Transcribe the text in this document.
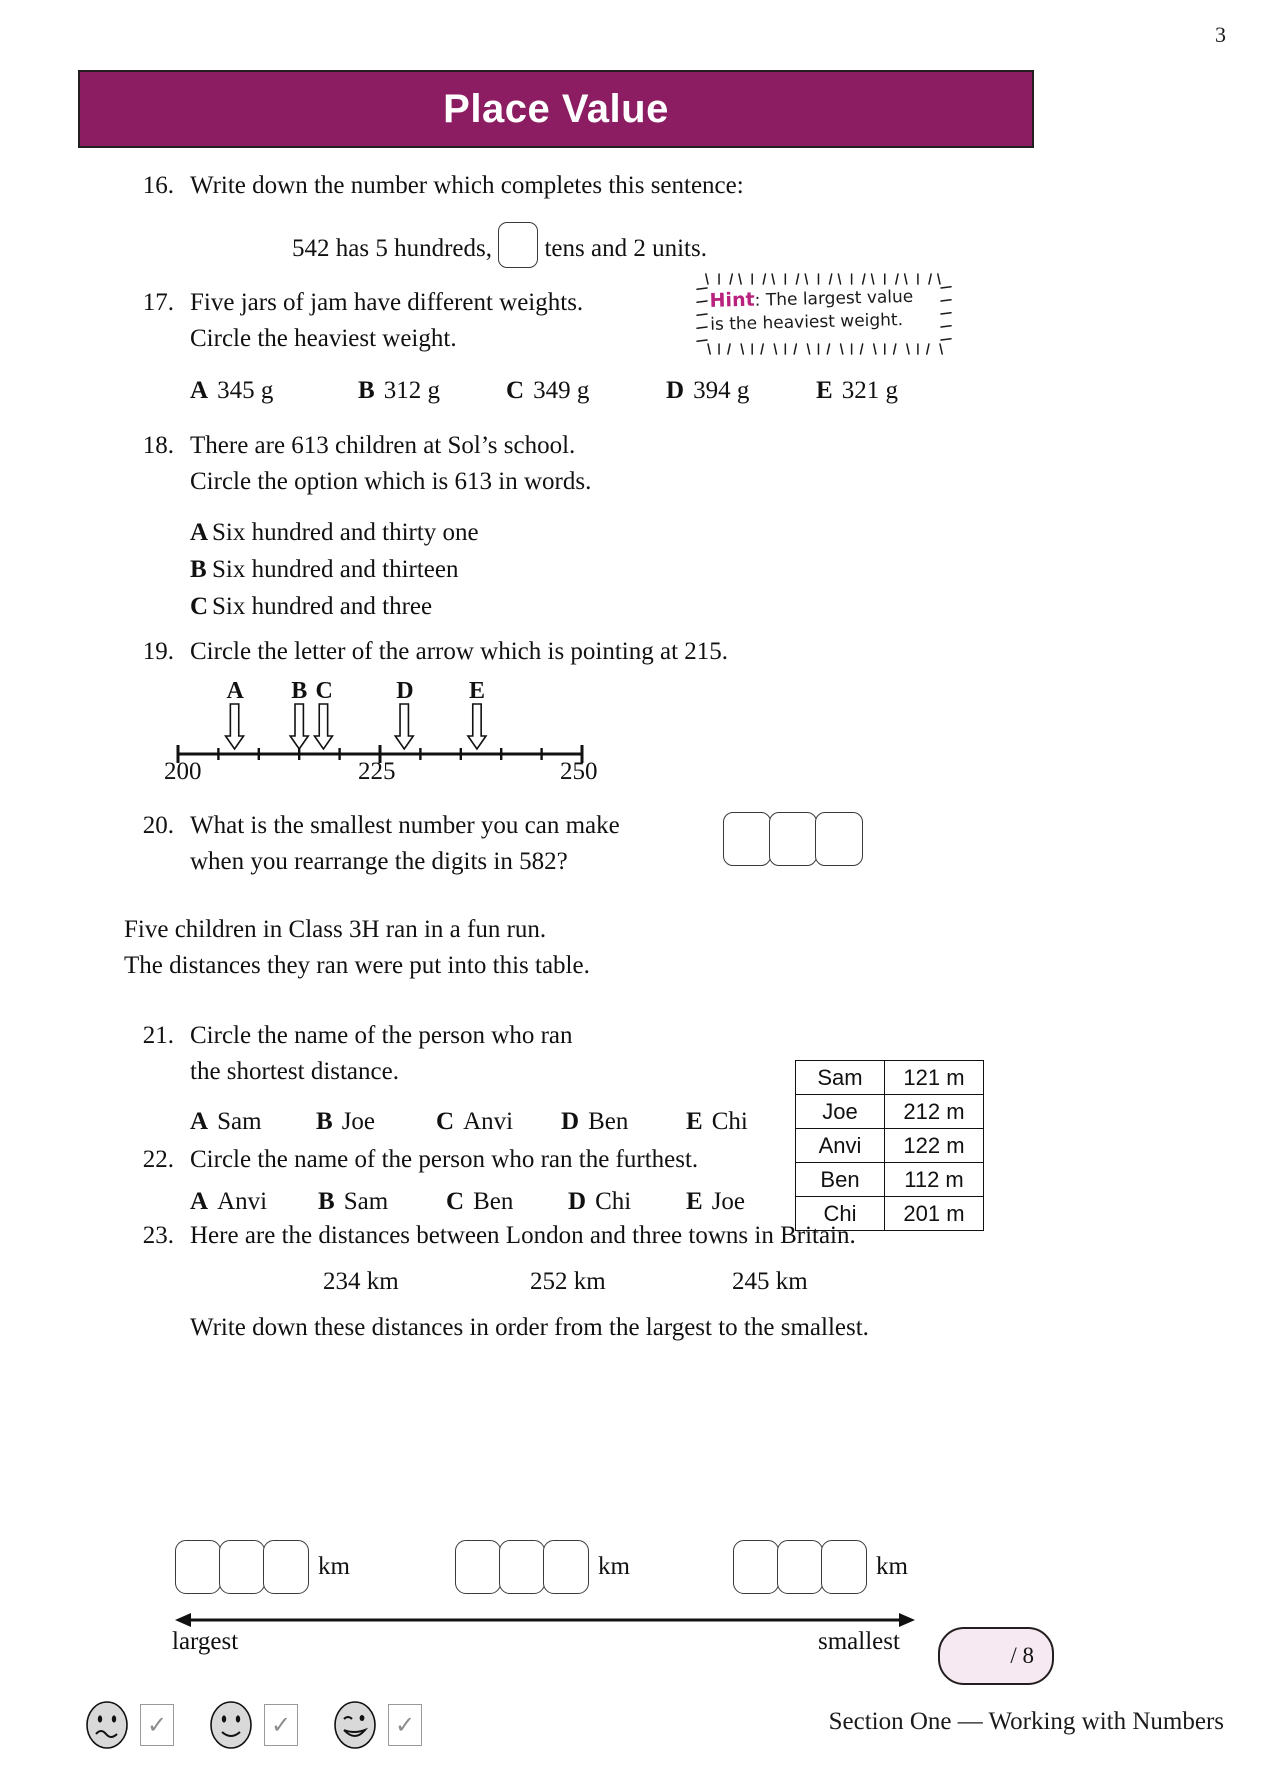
3
Place Value
16. Write down the number which completes this sentence:
542 has 5 hundreds, tens and 2 units.
Hint: The largest value
is the heaviest weight.
17. Five jars of jam have different weights.
Circle the heaviest weight.
A 345 g	B 312 g	C 349 g	D 394 g	E 321 g
18. There are 613 children at Sol’s school.
Circle the option which is 613 in words.
A Six hundred and thirty one
B Six hundred and thirteen
C Six hundred and three
19. Circle the letter of the arrow which is pointing at 215.
A B C	D E
200	225	250
20. What is the smallest number you can make
when you rearrange the digits in 582?
Five children in Class 3H ran in a fun run.
The distances they ran were put into this table.
Sam	121 m
Joe	212 m
Anvi	122 m
Ben	112 m
Chi	201 m
21. Circle the name of the person who ran
the shortest distance.
A Sam	B Joe	C Anvi	D Ben	E Chi
22. Circle the name of the person who ran the furthest.
A Anvi	B Sam	C Ben	D Chi	E Joe
23. Here are the distances between London and three towns in Britain.
234 km	252 km	245 km
Write down these distances in order from the largest to the smallest.
km	km	km
largest	smallest
/ 8
✓	✓	✓	Section One — Working with Numbers
